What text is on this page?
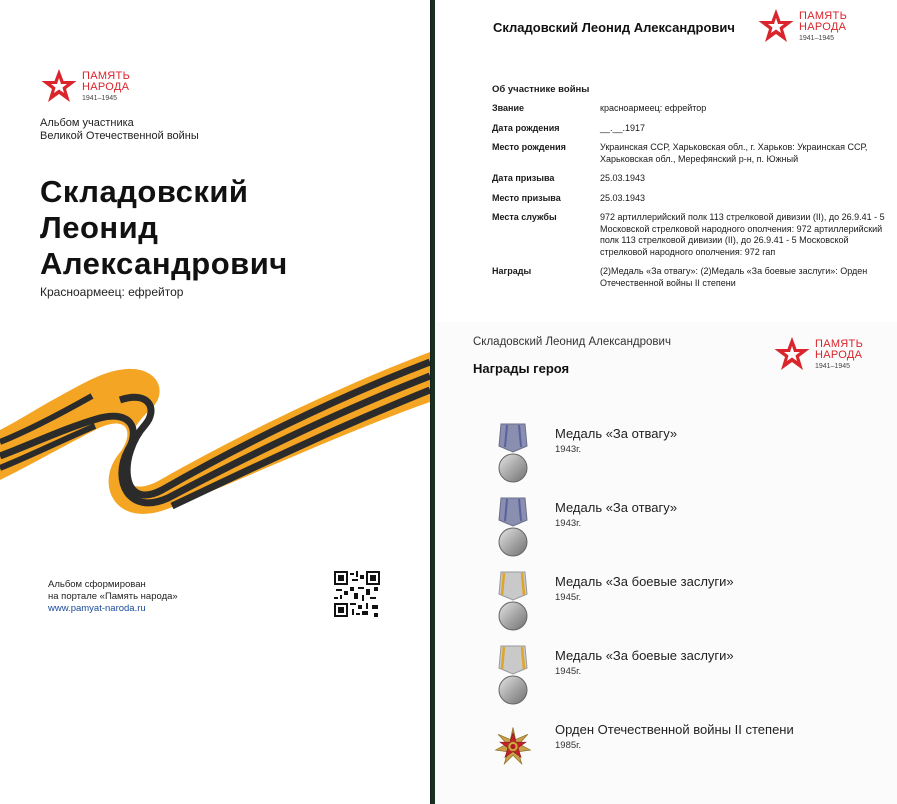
ПАМЯТЬ
НАРОДА
1941–1945
Альбом участника
Великой Отечественной войны
Складовский
Леонид
Александрович
Красноармеец: ефрейтор
Альбом сформирован
на портале «Память народа»
www.pamyat-naroda.ru
Складовский Леонид Александрович
ПАМЯТЬ
НАРОДА
1941–1945
Об участнике войны
Звание	красноармеец: ефрейтор
Дата рождения	__.__.1917
Место рождения	Украинская ССР, Харьковская обл., г. Харьков: Украинская ССР, Харьковская обл., Мерефянский р-н, п. Южный
Дата призыва	25.03.1943
Место призыва	25.03.1943
Места службы	972 артиллерийский полк 113 стрелковой дивизии (II), до 26.9.41 - 5 Московской стрелковой народного ополчения: 972 артиллерийский полк 113 стрелковой дивизии (II), до 26.9.41 - 5 Московской стрелковой народного ополчения: 972 гап
Награды	(2)Медаль «За отвагу»: (2)Медаль «За боевые заслуги»: Орден Отечественной войны II степени
Складовский Леонид Александрович	ПАМЯТЬ
НАРОДА
1941–1945
Награды героя
Медаль «За отвагу»
1943г.
Медаль «За отвагу»
1943г.
Медаль «За боевые заслуги»
1945г.
Медаль «За боевые заслуги»
1945г.
Орден Отечественной войны II степени
1985г.
